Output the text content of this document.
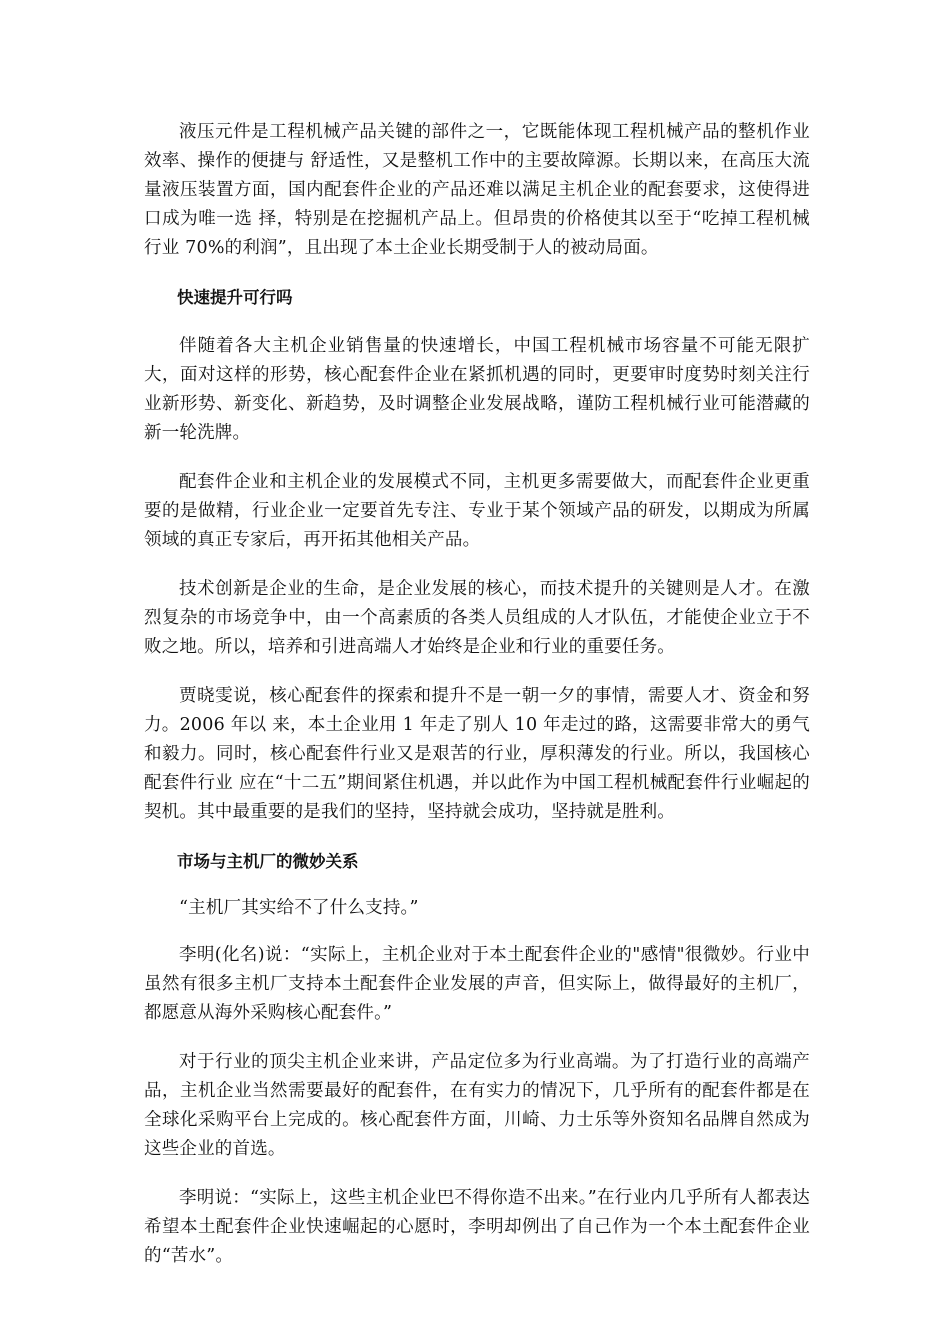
液压元件是工程机械产品关键的部件之一，它既能体现工程机械产品的整机作业效率、操作的便捷与 舒适性，又是整机工作中的主要故障源。长期以来，在高压大流量液压装置方面，国内配套件企业的产品还难以满足主机企业的配套要求，这使得进口成为唯一选 择，特别是在挖掘机产品上。但昂贵的价格使其以至于“吃掉工程机械行业 70%的利润”，且出现了本土企业长期受制于人的被动局面。

快速提升可行吗

伴随着各大主机企业销售量的快速增长，中国工程机械市场容量不可能无限扩大，面对这样的形势，核心配套件企业在紧抓机遇的同时，更要审时度势时刻关注行业新形势、新变化、新趋势，及时调整企业发展战略，谨防工程机械行业可能潜藏的新一轮洗牌。

配套件企业和主机企业的发展模式不同，主机更多需要做大，而配套件企业更重要的是做精，行业企业一定要首先专注、专业于某个领域产品的研发，以期成为所属领域的真正专家后，再开拓其他相关产品。

技术创新是企业的生命，是企业发展的核心，而技术提升的关键则是人才。在激烈复杂的市场竞争中，由一个高素质的各类人员组成的人才队伍，才能使企业立于不败之地。所以，培养和引进高端人才始终是企业和行业的重要任务。

贾晓雯说，核心配套件的探索和提升不是一朝一夕的事情，需要人才、资金和努力。2006 年以 来，本土企业用 1 年走了别人 10 年走过的路，这需要非常大的勇气和毅力。同时，核心配套件行业又是艰苦的行业，厚积薄发的行业。所以，我国核心配套件行业 应在“十二五”期间紧住机遇，并以此作为中国工程机械配套件行业崛起的契机。其中最重要的是我们的坚持，坚持就会成功，坚持就是胜利。

市场与主机厂的微妙关系

“主机厂其实给不了什么支持。”

李明(化名)说：“实际上，主机企业对于本土配套件企业的"感情"很微妙。行业中虽然有很多主机厂支持本土配套件企业发展的声音，但实际上，做得最好的主机厂，都愿意从海外采购核心配套件。”

对于行业的顶尖主机企业来讲，产品定位多为行业高端。为了打造行业的高端产品，主机企业当然需要最好的配套件，在有实力的情况下，几乎所有的配套件都是在全球化采购平台上完成的。核心配套件方面，川崎、力士乐等外资知名品牌自然成为这些企业的首选。

李明说：“实际上，这些主机企业巴不得你造不出来。”在行业内几乎所有人都表达希望本土配套件企业快速崛起的心愿时，李明却例出了自己作为一个本土配套件企业的“苦水”。
